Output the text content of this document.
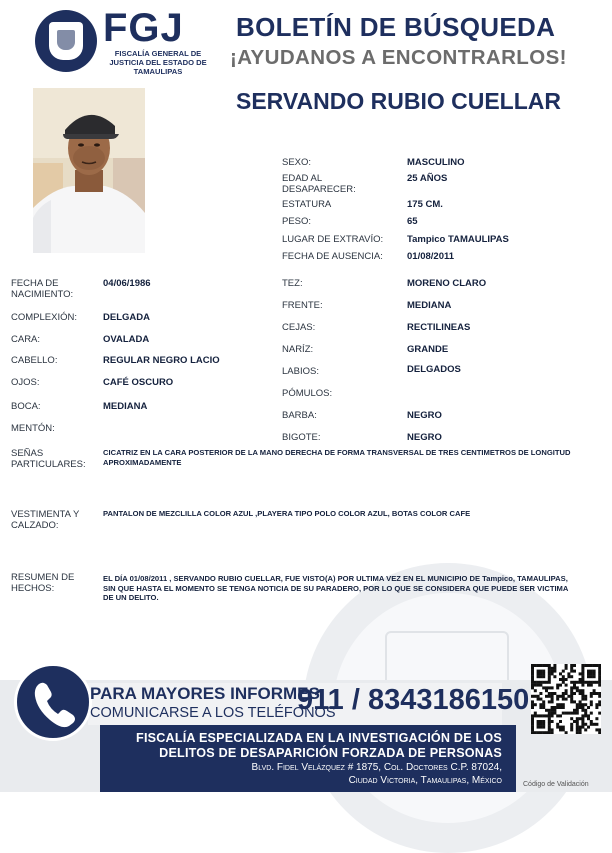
FGJ
FISCALÍA GENERAL DE JUSTICIA DEL ESTADO DE TAMAULIPAS
BOLETÍN DE BÚSQUEDA
¡AYUDANOS A ENCONTRARLOS!
SERVANDO RUBIO CUELLAR
SEXO:	MASCULINO
EDAD AL DESAPARECER:
25 AÑOS
ESTATURA	175 CM.
PESO:	65
LUGAR DE EXTRAVÍO:	Tampico TAMAULIPAS
FECHA DE AUSENCIA:	01/08/2011
FECHA DE NACIMIENTO:
04/06/1986
COMPLEXIÓN:	DELGADA
CARA:	OVALADA
CABELLO:	REGULAR NEGRO LACIO
OJOS:	CAFÉ OSCURO
BOCA:	MEDIANA
MENTÓN:
TEZ:	MORENO CLARO
FRENTE:	MEDIANA
CEJAS:	RECTILINEAS
NARÍZ:	GRANDE
LABIOS:	DELGADOS
PÓMULOS:
BARBA:	NEGRO
BIGOTE:	NEGRO
SEÑAS PARTICULARES:
CICATRIZ EN LA CARA POSTERIOR DE LA MANO DERECHA DE FORMA TRANSVERSAL DE TRES CENTIMETROS DE LONGITUD APROXIMADAMENTE
VESTIMENTA Y CALZADO:
PANTALON DE MEZCLILLA COLOR AZUL ,PLAYERA TIPO POLO COLOR AZUL, BOTAS COLOR CAFE
RESUMEN DE HECHOS:
EL DÍA 01/08/2011 , SERVANDO RUBIO CUELLAR, FUE VISTO(A) POR ULTIMA VEZ EN EL MUNICIPIO DE Tampico, TAMAULIPAS, SIN QUE HASTA EL MOMENTO SE TENGA NOTICIA DE SU PARADERO, POR LO QUE SE CONSIDERA QUE PUEDE SER VICTIMA DE UN DELITO.
PARA MAYORES INFORMES,
COMUNICARSE A LOS TELÉFONOS
911 / 8343186150
FISCALÍA ESPECIALIZADA EN LA INVESTIGACIÓN DE LOS
DELITOS DE DESAPARICIÓN FORZADA DE PERSONAS
Blvd. Fidel Velázquez # 1875, Col. Doctores C.P. 87024,
Ciudad Victoria, Tamaulipas, México	Código de Validación
